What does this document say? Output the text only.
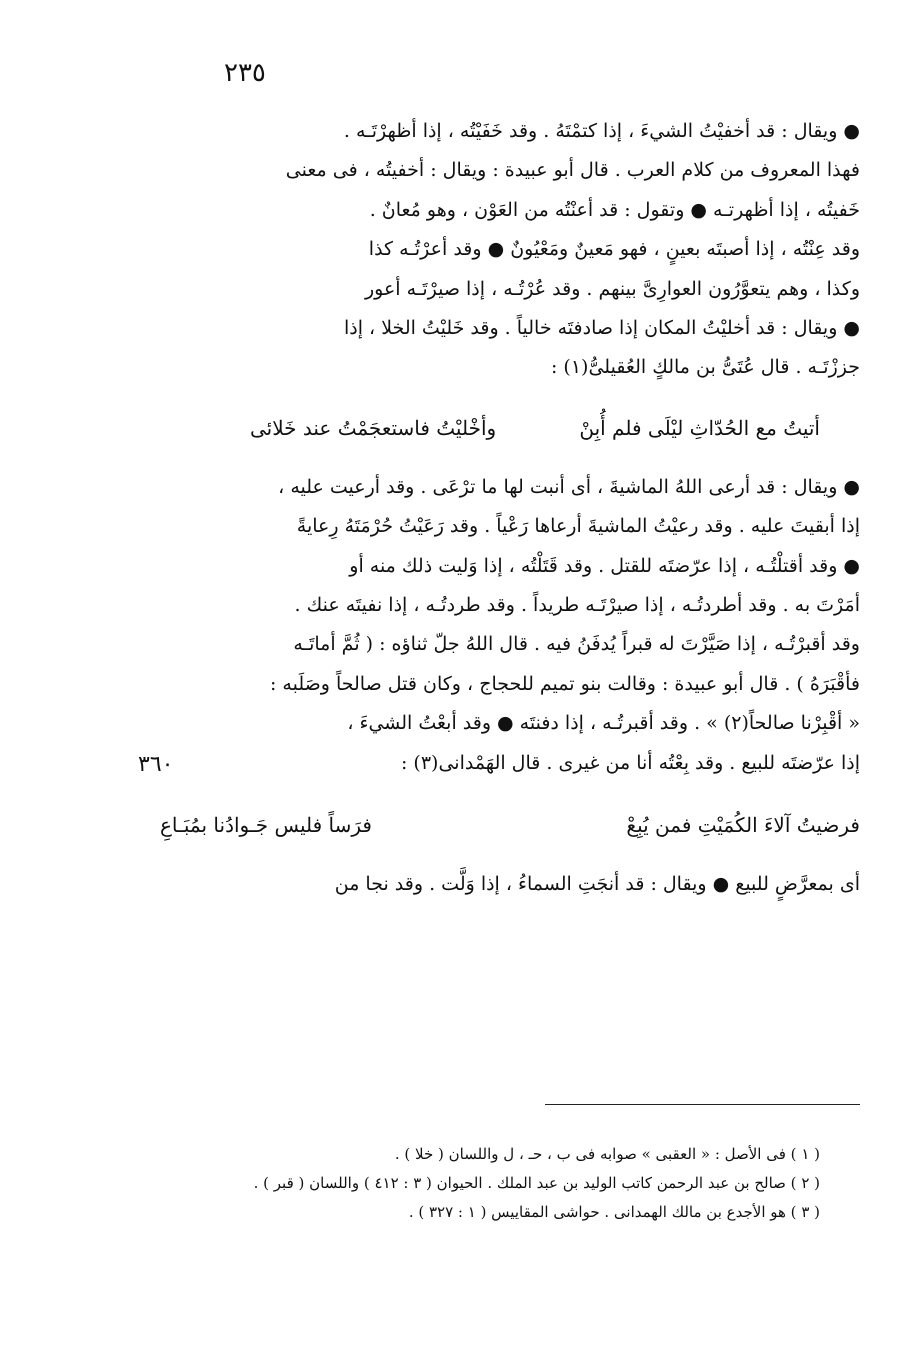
٢٣٥
٣٦٠

● ويقال : قد أخفيْتُ الشيءَ ، إذا كتمْتَهُ . وقد خَفَيْتُه ، إذا أظهرْتَـه .
فهذا المعروف من كلام العرب . قال أبو عبيدة : ويقال : أخفيتُه ، فى معنى
خَفيتُه ، إذا أظهرتـه ● وتقول : قد أعنْتُه من العَوْن ، وهو مُعانٌ .
وقد عِنْتُه ، إذا أصبتَه بعينٍ ، فهو مَعينٌ ومَعْيُونٌ ● وقد أعرْتُـه كذا
وكذا ، وهم يتعوَّرُون العوارِىَّ بينهم . وقد عُرْتُـه ، إذا صيرْتَـه أعور
● ويقال : قد أخليْتُ المكان إذا صادفتَه خالياً . وقد خَليْتُ الخلا ، إذا
جززْتَـه . قال عُتَىُّ بن مالكٍ العُقيلىُّ(١) :

أتيتُ مع الحُدّاثِ ليْلَى فلم أُبِنْ
وأخْليْتُ فاستعجَمْتُ عند خَلائى

● ويقال : قد أرعى اللهُ الماشيةَ ، أى أنبت لها ما ترْعَى . وقد أرعيت عليه ،
إذا أبقيتَ عليه . وقد رعيْتُ الماشيةَ أرعاها رَعْياً . وقد رَعَيْتُ حُرْمَتَهُ رِعايةً
● وقد أقتلْتُـه ، إذا عرّضتَه للقتل . وقد قَتَلْتُه ، إذا وَليت ذلك منه أو
أمَرْتَ به . وقد أطردتُـه ، إذا صيرْتَـه طريداً . وقد طردتُـه ، إذا نفيتَه عنك .
وقد أقبرْتُـه ، إذا صَيَّرْتَ له قبراً يُدفَنُ فيه . قال اللهُ جلّ ثناؤه : ( ثُمَّ أماتَـه
فأقْبَرَهُ ) . قال أبو عبيدة : وقالت بنو تميم للحجاج ، وكان قتل صالحاً وصَلَبه :
« أقْبِرْنا صالحاً(٢) » . وقد أقبرتُـه ، إذا دفنتَه ● وقد أبعْتُ الشيءَ ،
إذا عرّضتَه للبيع . وقد بِعْتُه أنا من غيرى . قال الهَمْدانى(٣) :

فرضيتُ آلاءَ الكُمَيْتِ فمن يُبِعْ
فرَساً فليس جَـوادُنا بمُبَـاعِ

أى بمعرَّضٍ للبيع ● ويقال : قد أنجَتِ السماءُ ، إذا وَلَّت . وقد نجا من

( ١ ) فى الأصل : « العقبى » صوابه فى ب ، حـ ، ل واللسان ( خلا ) .
( ٢ ) صالح بن عبد الرحمن كاتب الوليد بن عبد الملك . الحيوان ( ٣ : ٤١٢ ) واللسان ( قبر ) .
( ٣ ) هو الأجدع بن مالك الهمدانى . حواشى المقاييس ( ١ : ٣٢٧ ) .
